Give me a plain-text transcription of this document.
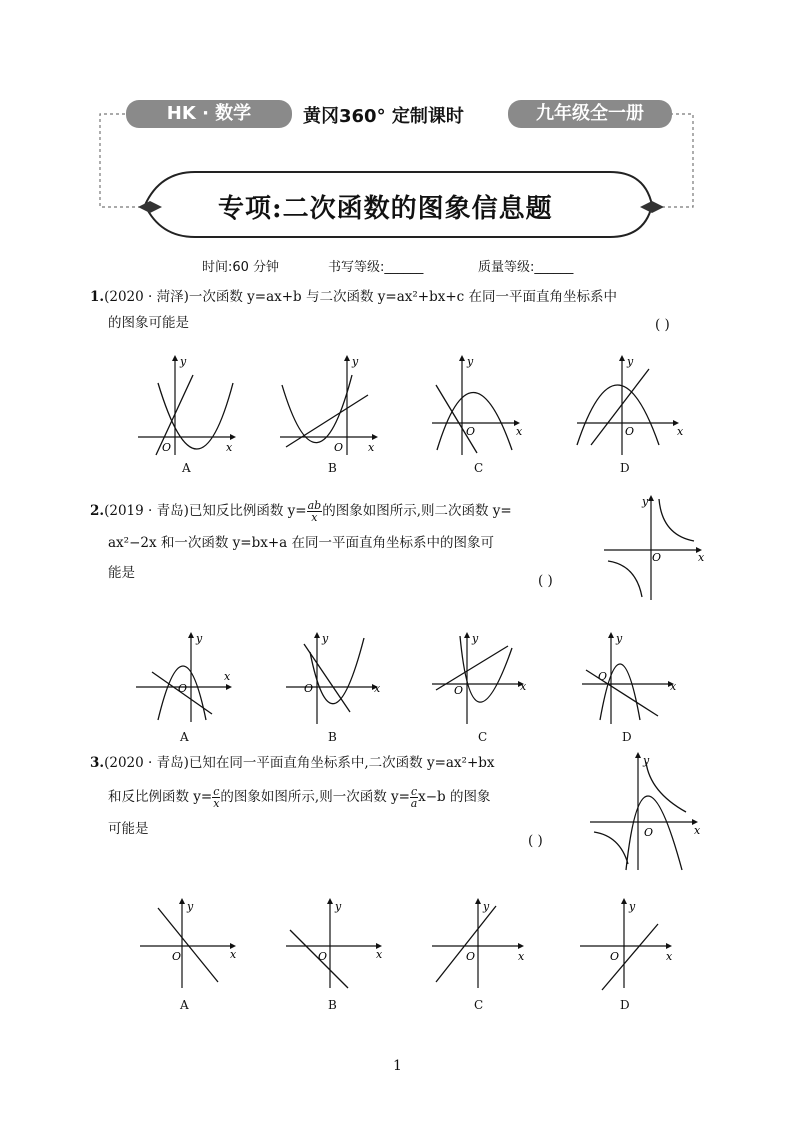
HK · 数学	黄冈360° 定制课时	九年级全一册
专项:二次函数的图象信息题
时间:60 分钟	书写等级:______	质量等级:______
1.(2020 · 菏泽)一次函数 y=ax+b 与二次函数 y=ax²+bx+c 在同一平面直角坐标系中
的图象可能是	( )
y
x
O
A
y
x
O
B
y
x
O
C
y
x
O
D
2.(2019 · 青岛)已知反比例函数 $y= \frac{ab}{x}$ 的图象如图所示,则二次函数 y=
ax²−2x 和一次函数 y=bx+a 在同一平面直角坐标系中的图象可
能是	( )
y
x
O
y
x
O
A
y
x
O
B
y
x
O
C
y
x
O
D
3.(2020 · 青岛)已知在同一平面直角坐标系中,二次函数 y=ax²+bx
和反比例函数 $y= \frac{c}{x}$ 的图象如图所示,则一次函数 $y= \frac{c}{a} x-b$ 的图象
可能是
( )
y
x
O
y
x
O
A
y
x
O
B
y
x
O
C
y
x
O
D
1
